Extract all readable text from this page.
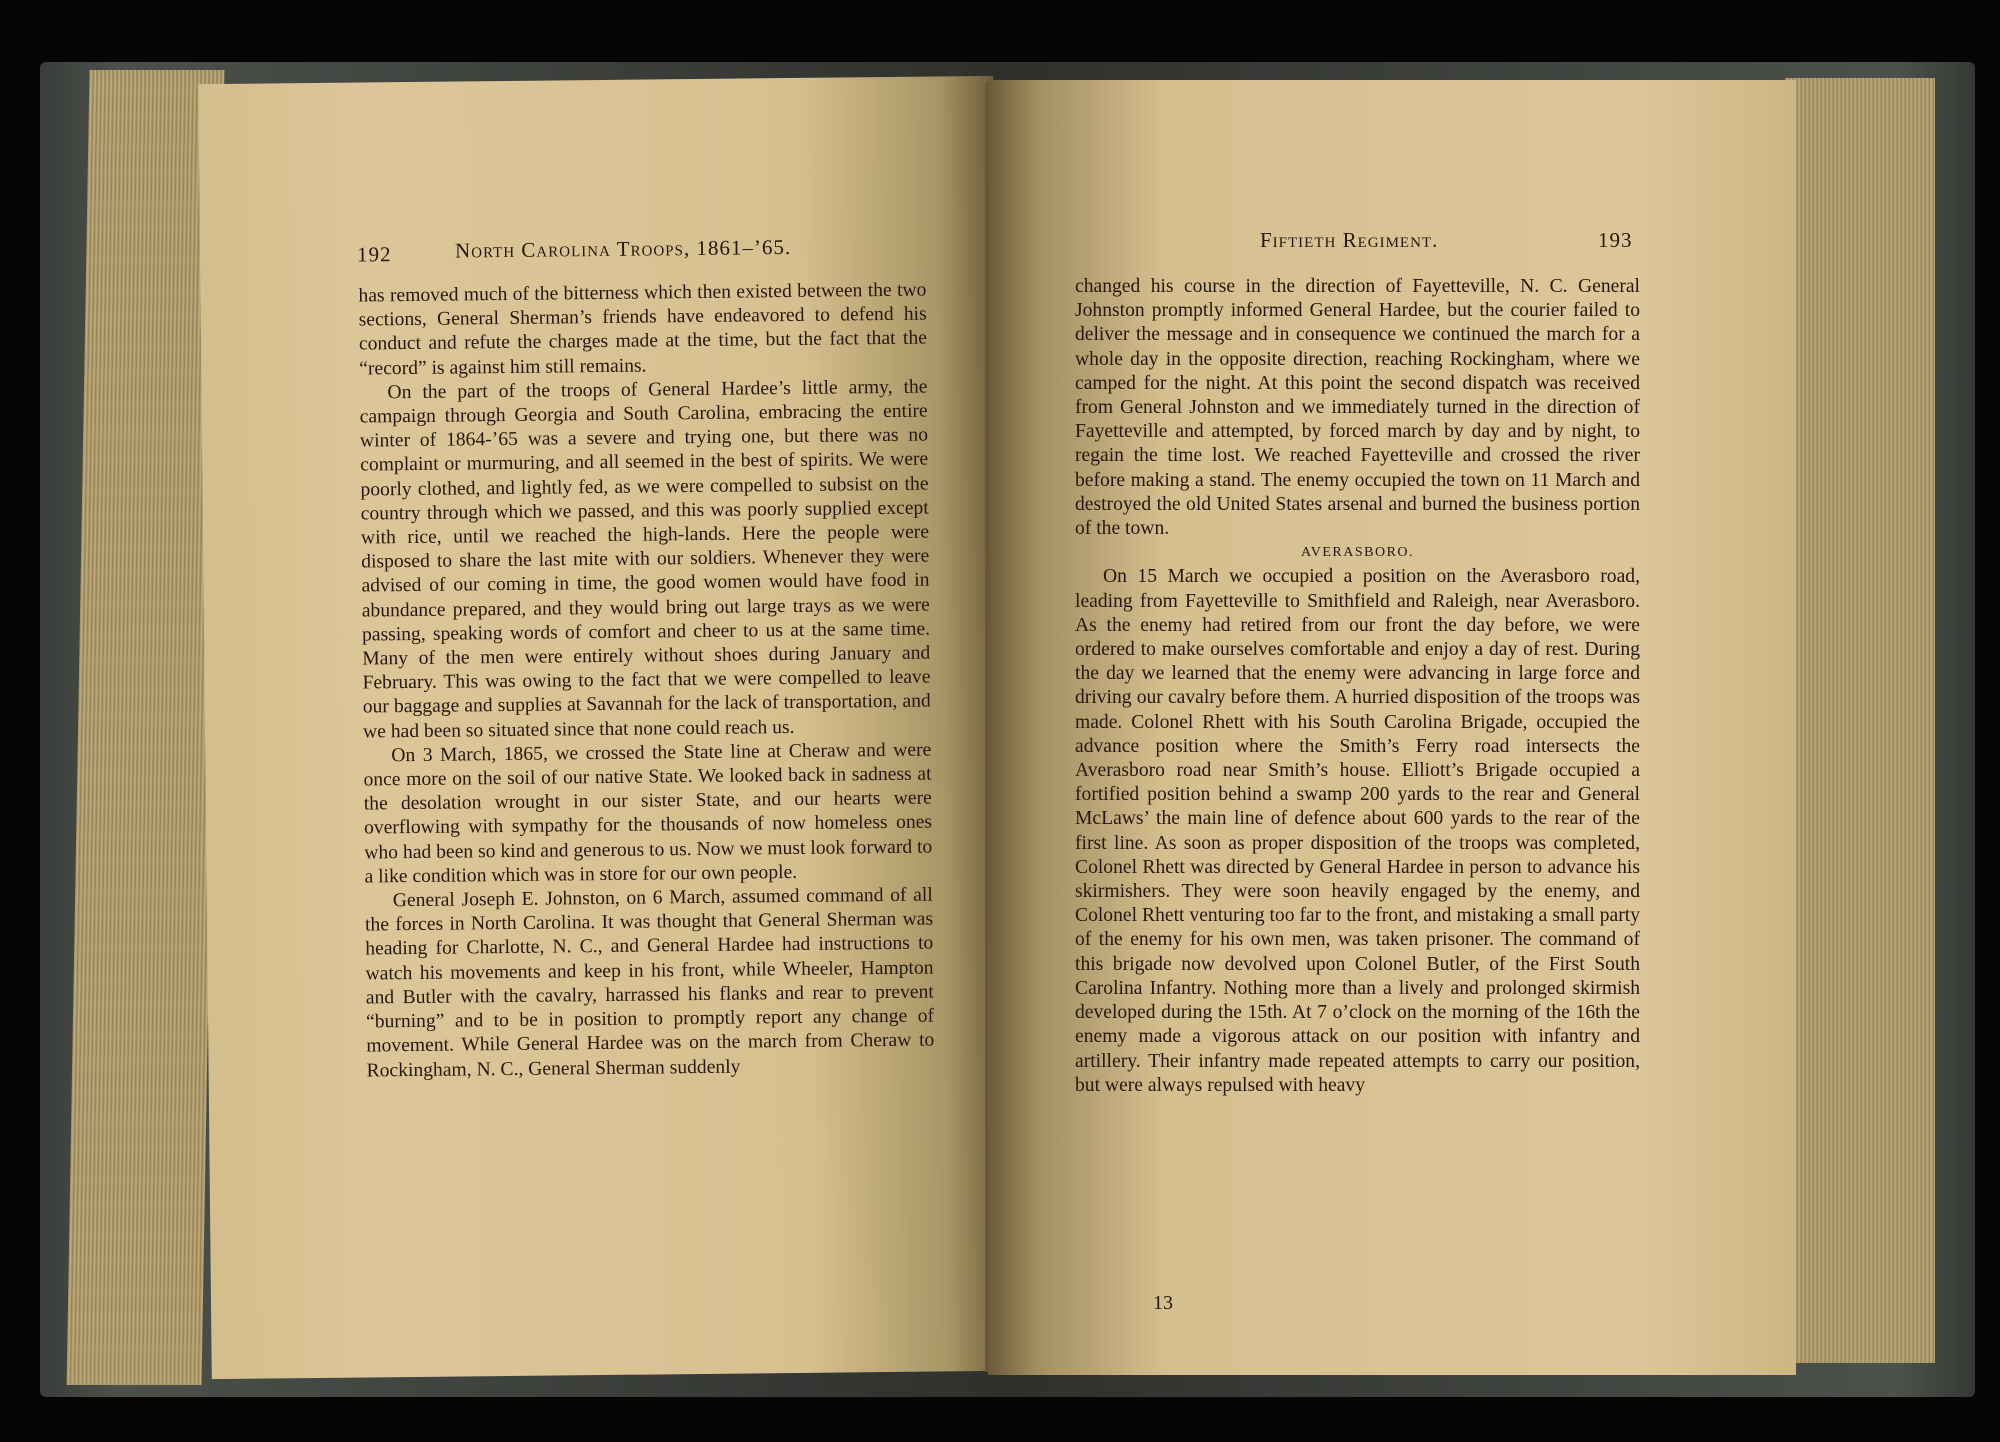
192	North Carolina Troops, 1861–’65.

has removed much of the bitterness which then existed between the two sections, General Sherman’s friends have endeavored to defend his conduct and refute the charges made at the time, but the fact that the “record” is against him still remains.

On the part of the troops of General Hardee’s little army, the campaign through Georgia and South Carolina, embracing the entire winter of 1864-’65 was a severe and trying one, but there was no complaint or murmuring, and all seemed in the best of spirits. We were poorly clothed, and lightly fed, as we were compelled to subsist on the country through which we passed, and this was poorly supplied except with rice, until we reached the high-lands. Here the people were disposed to share the last mite with our soldiers. Whenever they were advised of our coming in time, the good women would have food in abundance prepared, and they would bring out large trays as we were passing, speaking words of comfort and cheer to us at the same time. Many of the men were entirely without shoes during January and February. This was owing to the fact that we were compelled to leave our baggage and supplies at Savannah for the lack of transportation, and we had been so situated since that none could reach us.

On 3 March, 1865, we crossed the State line at Cheraw and were once more on the soil of our native State. We looked back in sadness at the desolation wrought in our sister State, and our hearts were overflowing with sympathy for the thousands of now homeless ones who had been so kind and generous to us. Now we must look forward to a like condition which was in store for our own people.

General Joseph E. Johnston, on 6 March, assumed command of all the forces in North Carolina. It was thought that General Sherman was heading for Charlotte, N. C., and General Hardee had instructions to watch his movements and keep in his front, while Wheeler, Hampton and Butler with the cavalry, harrassed his flanks and rear to prevent “burning” and to be in position to promptly report any change of movement. While General Hardee was on the march from Cheraw to Rockingham, N. C., General Sherman suddenly

Fiftieth Regiment.	193

changed his course in the direction of Fayetteville, N. C. General Johnston promptly informed General Hardee, but the courier failed to deliver the message and in consequence we continued the march for a whole day in the opposite direction, reaching Rockingham, where we camped for the night. At this point the second dispatch was received from General Johnston and we immediately turned in the direction of Fayetteville and attempted, by forced march by day and by night, to regain the time lost. We reached Fayetteville and crossed the river before making a stand. The enemy occupied the town on 11 March and destroyed the old United States arsenal and burned the business portion of the town.

AVERASBORO.

On 15 March we occupied a position on the Averasboro road, leading from Fayetteville to Smithfield and Raleigh, near Averasboro. As the enemy had retired from our front the day before, we were ordered to make ourselves comfortable and enjoy a day of rest. During the day we learned that the enemy were advancing in large force and driving our cavalry before them. A hurried disposition of the troops was made. Colonel Rhett with his South Carolina Brigade, occupied the advance position where the Smith’s Ferry road intersects the Averasboro road near Smith’s house. Elliott’s Brigade occupied a fortified position behind a swamp 200 yards to the rear and General McLaws’ the main line of defence about 600 yards to the rear of the first line. As soon as proper disposition of the troops was completed, Colonel Rhett was directed by General Hardee in person to advance his skirmishers. They were soon heavily engaged by the enemy, and Colonel Rhett venturing too far to the front, and mistaking a small party of the enemy for his own men, was taken prisoner. The command of this brigade now devolved upon Colonel Butler, of the First South Carolina Infantry. Nothing more than a lively and prolonged skirmish developed during the 15th. At 7 o’clock on the morning of the 16th the enemy made a vigorous attack on our position with infantry and artillery. Their infantry made repeated attempts to carry our position, but were always repulsed with heavy

13
